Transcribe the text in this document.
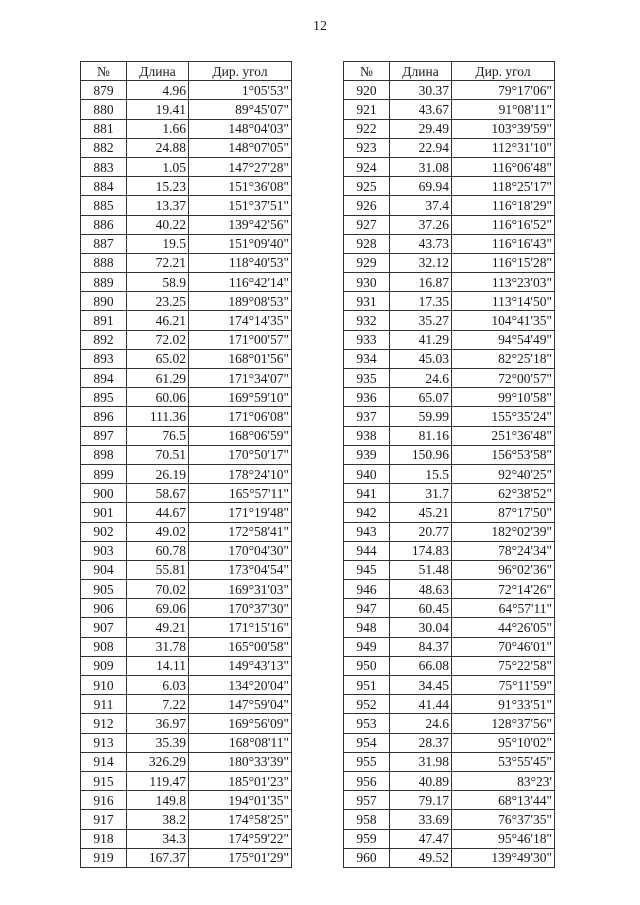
12
№	Длина	Дир. угол
879	4.96	1°05'53"
880	19.41	89°45'07"
881	1.66	148°04'03"
882	24.88	148°07'05"
883	1.05	147°27'28"
884	15.23	151°36'08"
885	13.37	151°37'51"
886	40.22	139°42'56"
887	19.5	151°09'40"
888	72.21	118°40'53"
889	58.9	116°42'14"
890	23.25	189°08'53"
891	46.21	174°14'35"
892	72.02	171°00'57"
893	65.02	168°01'56"
894	61.29	171°34'07"
895	60.06	169°59'10"
896	111.36	171°06'08"
897	76.5	168°06'59"
898	70.51	170°50'17"
899	26.19	178°24'10"
900	58.67	165°57'11"
901	44.67	171°19'48"
902	49.02	172°58'41"
903	60.78	170°04'30"
904	55.81	173°04'54"
905	70.02	169°31'03"
906	69.06	170°37'30"
907	49.21	171°15'16"
908	31.78	165°00'58"
909	14.11	149°43'13"
910	6.03	134°20'04"
911	7.22	147°59'04"
912	36.97	169°56'09"
913	35.39	168°08'11"
914	326.29	180°33'39"
915	119.47	185°01'23"
916	149.8	194°01'35"
917	38.2	174°58'25"
918	34.3	174°59'22"
919	167.37	175°01'29"
№	Длина	Дир. угол
920	30.37	79°17'06"
921	43.67	91°08'11"
922	29.49	103°39'59"
923	22.94	112°31'10"
924	31.08	116°06'48"
925	69.94	118°25'17"
926	37.4	116°18'29"
927	37.26	116°16'52"
928	43.73	116°16'43"
929	32.12	116°15'28"
930	16.87	113°23'03"
931	17.35	113°14'50"
932	35.27	104°41'35"
933	41.29	94°54'49"
934	45.03	82°25'18"
935	24.6	72°00'57"
936	65.07	99°10'58"
937	59.99	155°35'24"
938	81.16	251°36'48"
939	150.96	156°53'58"
940	15.5	92°40'25"
941	31.7	62°38'52"
942	45.21	87°17'50"
943	20.77	182°02'39"
944	174.83	78°24'34"
945	51.48	96°02'36"
946	48.63	72°14'26"
947	60.45	64°57'11"
948	30.04	44°26'05"
949	84.37	70°46'01"
950	66.08	75°22'58"
951	34.45	75°11'59"
952	41.44	91°33'51"
953	24.6	128°37'56"
954	28.37	95°10'02"
955	31.98	53°55'45"
956	40.89	83°23'
957	79.17	68°13'44"
958	33.69	76°37'35"
959	47.47	95°46'18"
960	49.52	139°49'30"
